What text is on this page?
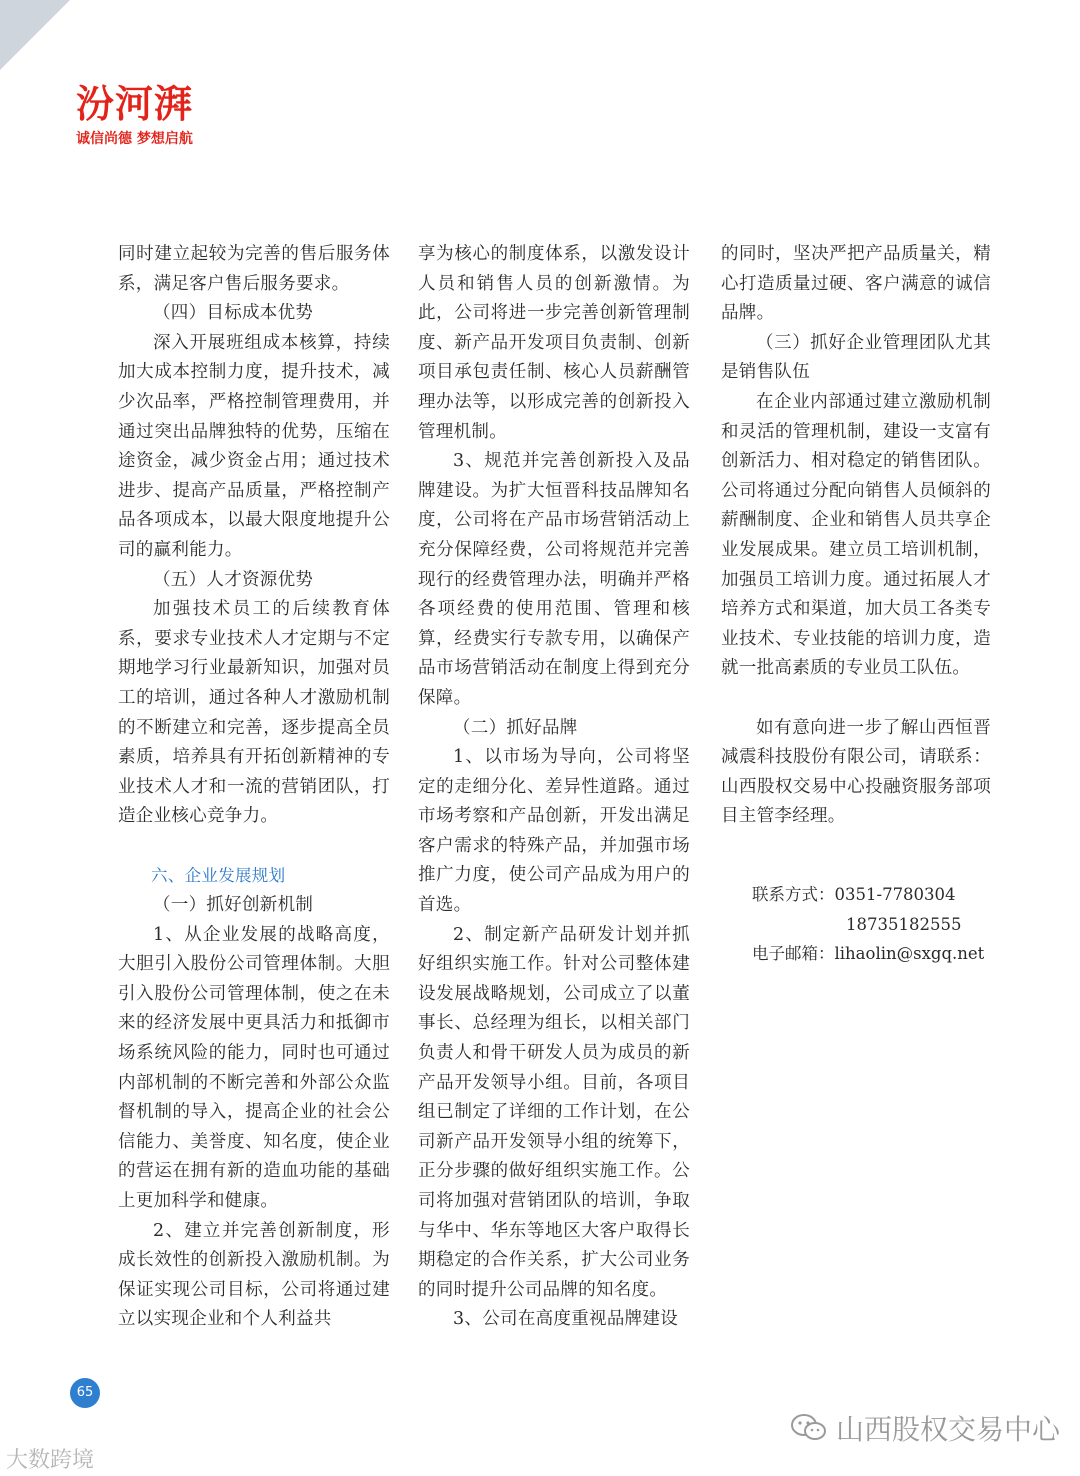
汾河湃
诚信尚德 梦想启航

同时建立起较为完善的售后服务体系，满足客户售后服务要求。

（四）目标成本优势

深入开展班组成本核算，持续加大成本控制力度，提升技术，减少次品率，严格控制管理费用，并通过突出品牌独特的优势，压缩在途资金，减少资金占用；通过技术进步、提高产品质量，严格控制产品各项成本，以最大限度地提升公司的赢利能力。

（五）人才资源优势

加强技术员工的后续教育体系，要求专业技术人才定期与不定期地学习行业最新知识，加强对员工的培训，通过各种人才激励机制的不断建立和完善，逐步提高全员素质，培养具有开拓创新精神的专业技术人才和一流的营销团队，打造企业核心竞争力。

六、企业发展规划

（一）抓好创新机制

1、从企业发展的战略高度，大胆引入股份公司管理体制。大胆引入股份公司管理体制，使之在未来的经济发展中更具活力和抵御市场系统风险的能力，同时也可通过内部机制的不断完善和外部公众监督机制的导入，提高企业的社会公信能力、美誉度、知名度，使企业的营运在拥有新的造血功能的基础上更加科学和健康。

2、建立并完善创新制度，形成长效性的创新投入激励机制。为保证实现公司目标，公司将通过建立以实现企业和个人利益共

享为核心的制度体系，以激发设计人员和销售人员的创新激情。为此，公司将进一步完善创新管理制度、新产品开发项目负责制、创新项目承包责任制、核心人员薪酬管理办法等，以形成完善的创新投入管理机制。

3、规范并完善创新投入及品牌建设。为扩大恒晋科技品牌知名度，公司将在产品市场营销活动上充分保障经费，公司将规范并完善现行的经费管理办法，明确并严格各项经费的使用范围、管理和核算，经费实行专款专用，以确保产品市场营销活动在制度上得到充分保障。

（二）抓好品牌

1、以市场为导向，公司将坚定的走细分化、差异性道路。通过市场考察和产品创新，开发出满足客户需求的特殊产品，并加强市场推广力度，使公司产品成为用户的首选。

2、制定新产品研发计划并抓好组织实施工作。针对公司整体建设发展战略规划，公司成立了以董事长、总经理为组长，以相关部门负责人和骨干研发人员为成员的新产品开发领导小组。目前，各项目组已制定了详细的工作计划，在公司新产品开发领导小组的统筹下，正分步骤的做好组织实施工作。公司将加强对营销团队的培训，争取与华中、华东等地区大客户取得长期稳定的合作关系，扩大公司业务的同时提升公司品牌的知名度。

3、公司在高度重视品牌建设

的同时，坚决严把产品质量关，精心打造质量过硬、客户满意的诚信品牌。

（三）抓好企业管理团队尤其是销售队伍

在企业内部通过建立激励机制和灵活的管理机制，建设一支富有创新活力、相对稳定的销售团队。公司将通过分配向销售人员倾斜的薪酬制度、企业和销售人员共享企业发展成果。建立员工培训机制，加强员工培训力度。通过拓展人才培养方式和渠道，加大员工各类专业技术、专业技能的培训力度，造就一批高素质的专业员工队伍。

如有意向进一步了解山西恒晋减震科技股份有限公司，请联系：山西股权交易中心投融资服务部项目主管李经理。

联系方式：0351-7780304
18735182555
电子邮箱：lihaolin@sxgq.net
65
大数跨境
山西股权交易中心
